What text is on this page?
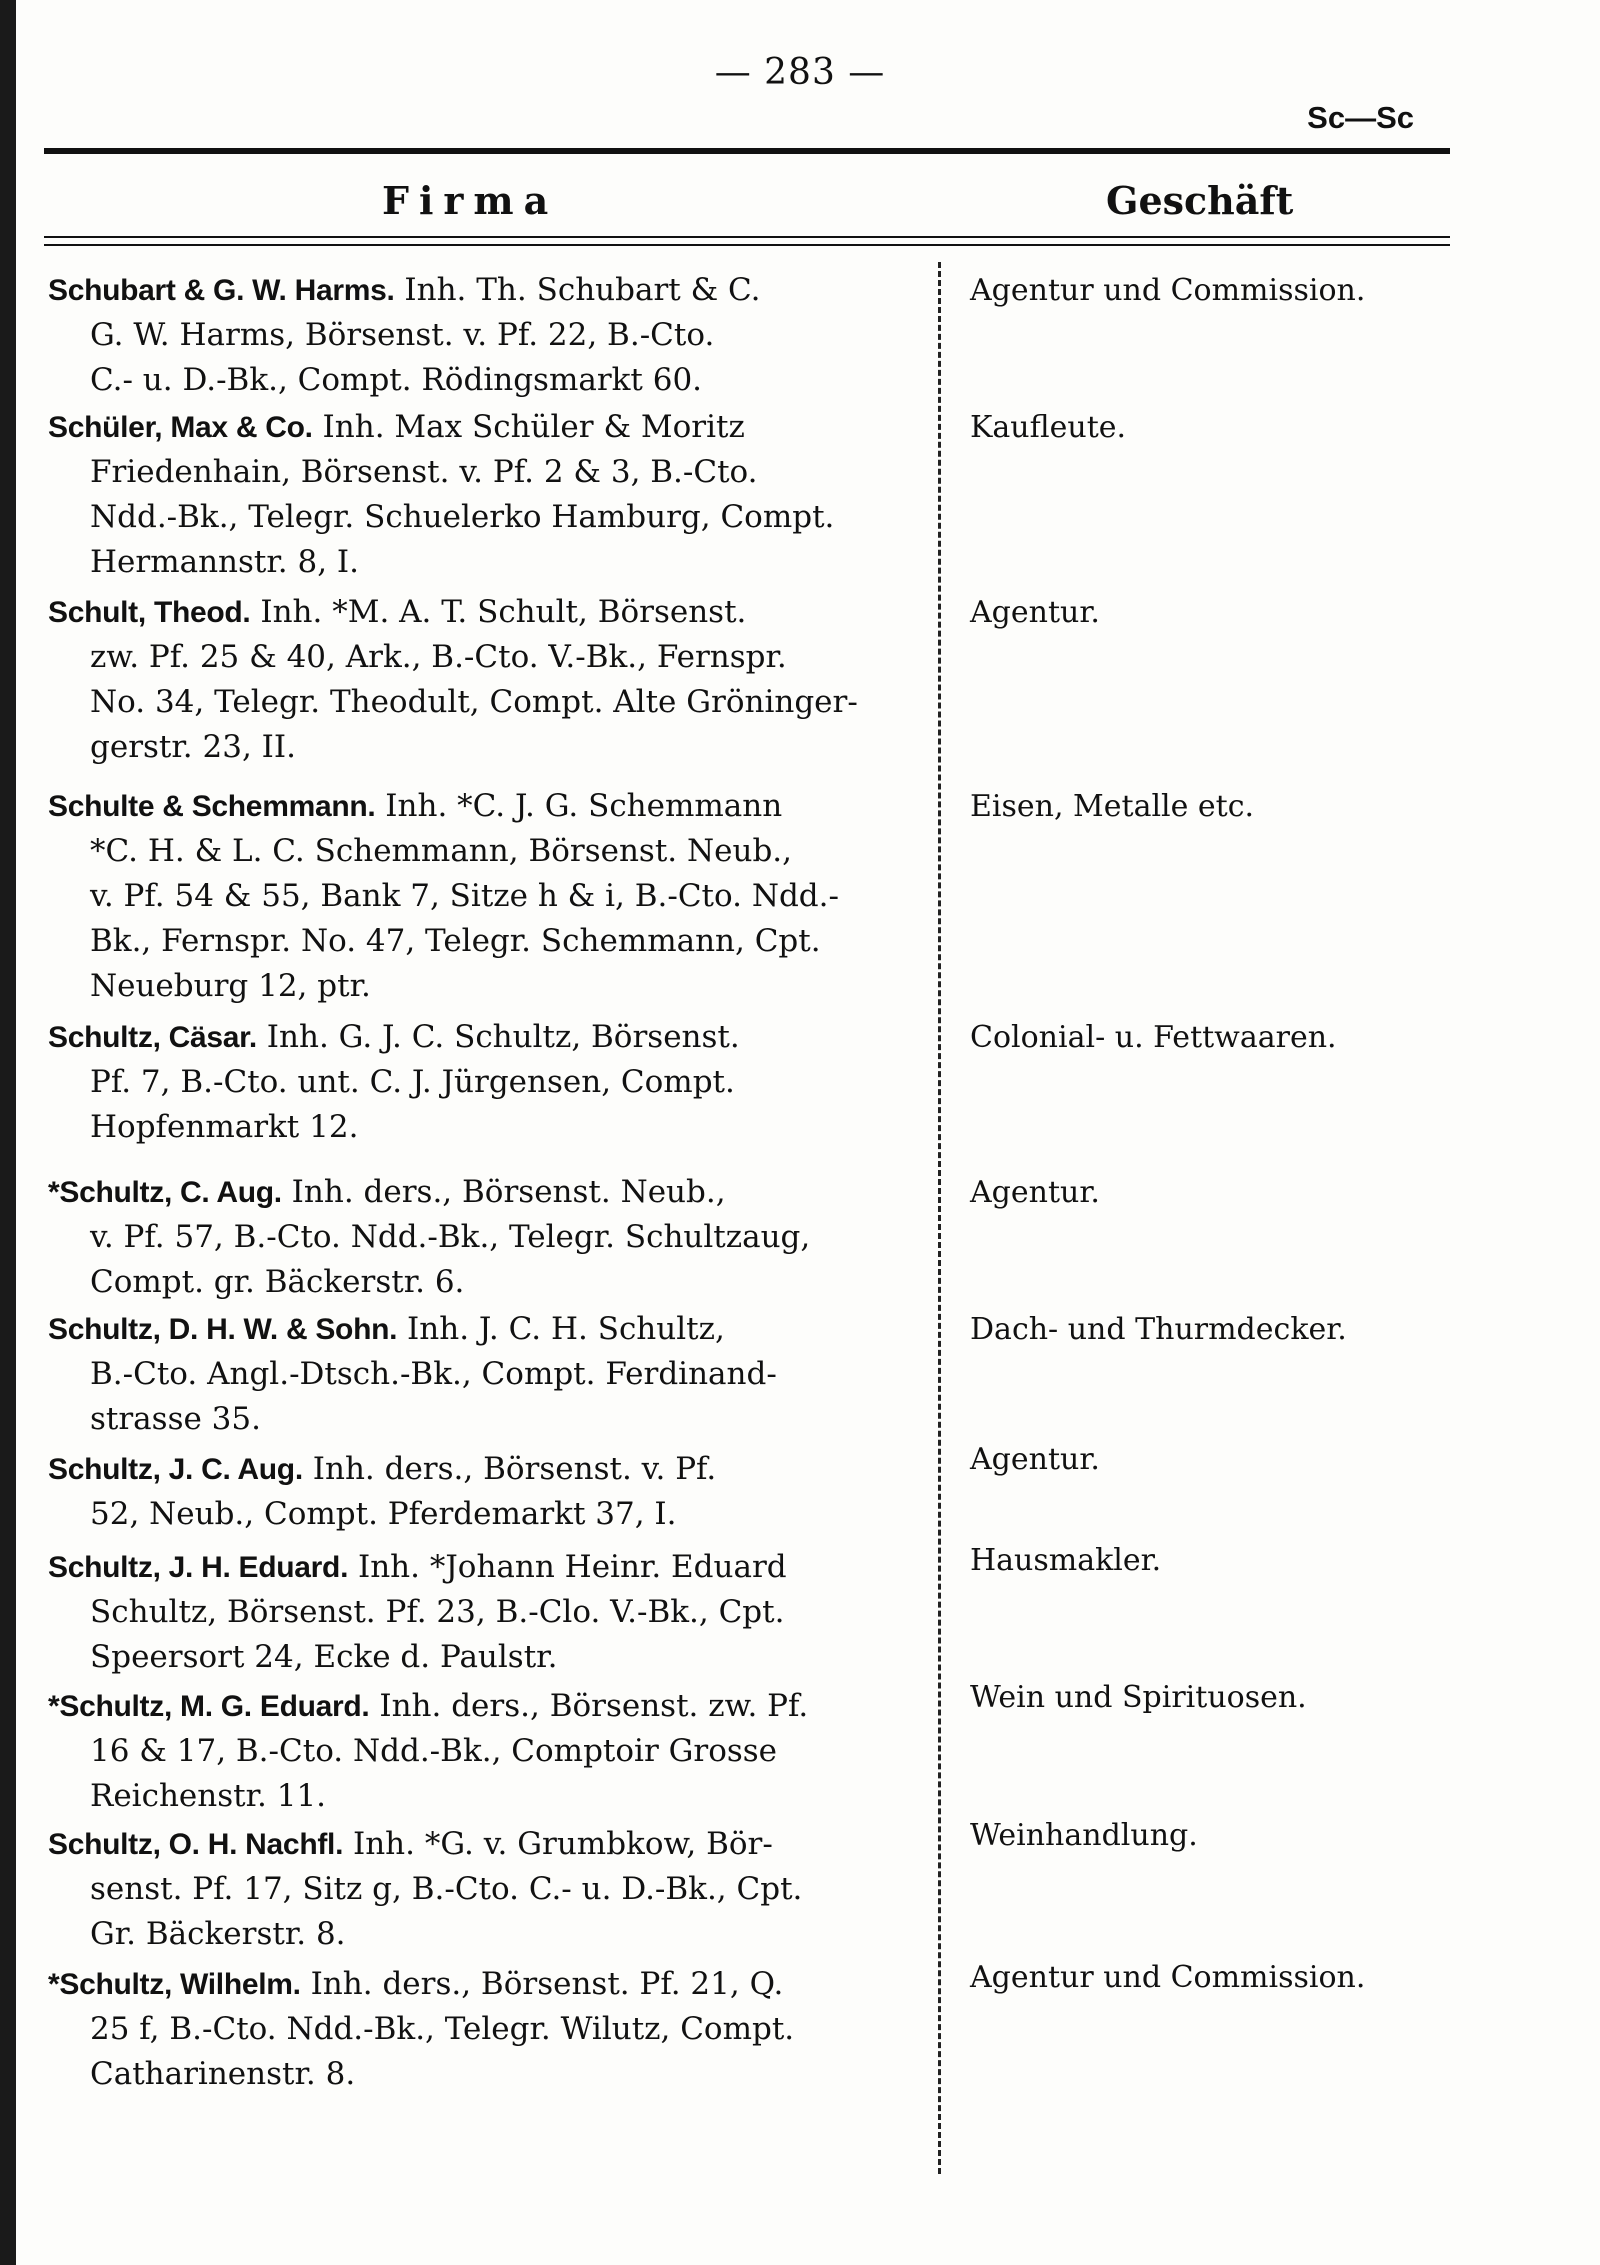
— 283 —
Sc—Sc
Firma	Geschäft
Schubart & G. W. Harms. Inh. Th. Schubart & C.
G. W. Harms, Börsenst. v. Pf. 22, B.-Cto.
C.- u. D.-Bk., Compt. Rödingsmarkt 60.
Agentur und Commission.
Schüler, Max & Co. Inh. Max Schüler & Moritz
Friedenhain, Börsenst. v. Pf. 2 & 3, B.-Cto.
Ndd.-Bk., Telegr. Schuelerko Hamburg, Compt.
Hermannstr. 8, I.
Kaufleute.
Schult, Theod. Inh. *M. A. T. Schult, Börsenst.
zw. Pf. 25 & 40, Ark., B.-Cto. V.-Bk., Fernspr.
No. 34, Telegr. Theodult, Compt. Alte Gröninger-
gerstr. 23, II.
Agentur.
Schulte & Schemmann. Inh. *C. J. G. Schemmann
*C. H. & L. C. Schemmann, Börsenst. Neub.,
v. Pf. 54 & 55, Bank 7, Sitze h & i, B.-Cto. Ndd.-
Bk., Fernspr. No. 47, Telegr. Schemmann, Cpt.
Neueburg 12, ptr.
Eisen, Metalle etc.
Schultz, Cäsar. Inh. G. J. C. Schultz, Börsenst.
Pf. 7, B.-Cto. unt. C. J. Jürgensen, Compt.
Hopfenmarkt 12.
Colonial- u. Fettwaaren.
*Schultz, C. Aug. Inh. ders., Börsenst. Neub.,
v. Pf. 57, B.-Cto. Ndd.-Bk., Telegr. Schultzaug,
Compt. gr. Bäckerstr. 6.
Agentur.
Schultz, D. H. W. & Sohn. Inh. J. C. H. Schultz,
B.-Cto. Angl.-Dtsch.-Bk., Compt. Ferdinand-
strasse 35.
Dach- und Thurmdecker.
Schultz, J. C. Aug. Inh. ders., Börsenst. v. Pf.
52, Neub., Compt. Pferdemarkt 37, I.
Agentur.
Schultz, J. H. Eduard. Inh. *Johann Heinr. Eduard
Schultz, Börsenst. Pf. 23, B.-Clo. V.-Bk., Cpt.
Speersort 24, Ecke d. Paulstr.
Hausmakler.
*Schultz, M. G. Eduard. Inh. ders., Börsenst. zw. Pf.
16 & 17, B.-Cto. Ndd.-Bk., Comptoir Grosse
Reichenstr. 11.
Wein und Spirituosen.
Schultz, O. H. Nachfl. Inh. *G. v. Grumbkow, Bör-
senst. Pf. 17, Sitz g, B.-Cto. C.- u. D.-Bk., Cpt.
Gr. Bäckerstr. 8.
Weinhandlung.
*Schultz, Wilhelm. Inh. ders., Börsenst. Pf. 21, Q.
25 f, B.-Cto. Ndd.-Bk., Telegr. Wilutz, Compt.
Catharinenstr. 8.
Agentur und Commission.
